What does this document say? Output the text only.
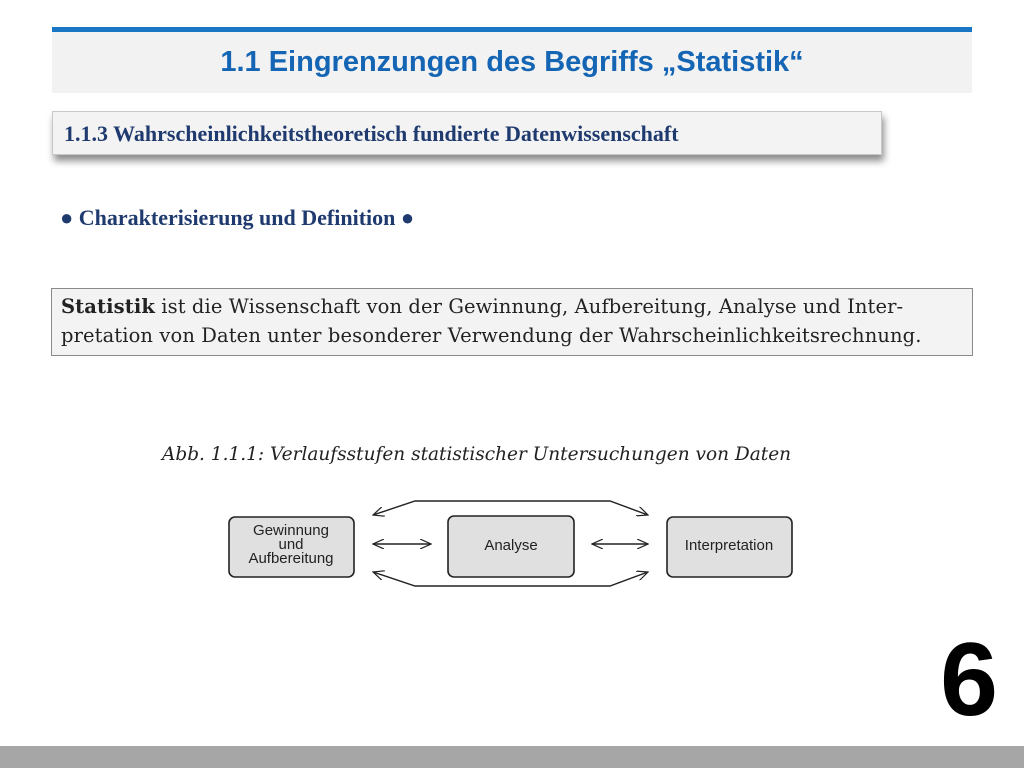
1.1 Eingrenzungen des Begriffs „Statistik“
1.1.3 Wahrscheinlichkeitstheoretisch fundierte Datenwissenschaft
● Charakterisierung und Definition ●
Statistik ist die Wissenschaft von der Gewinnung, Aufbereitung, Analyse und Inter-
pretation von Daten unter besonderer Verwendung der Wahrscheinlichkeitsrechnung.
Abb. 1.1.1: Verlaufsstufen statistischer Untersuchungen von Daten
Gewinnung
und
Aufbereitung
Analyse	Interpretation
6
